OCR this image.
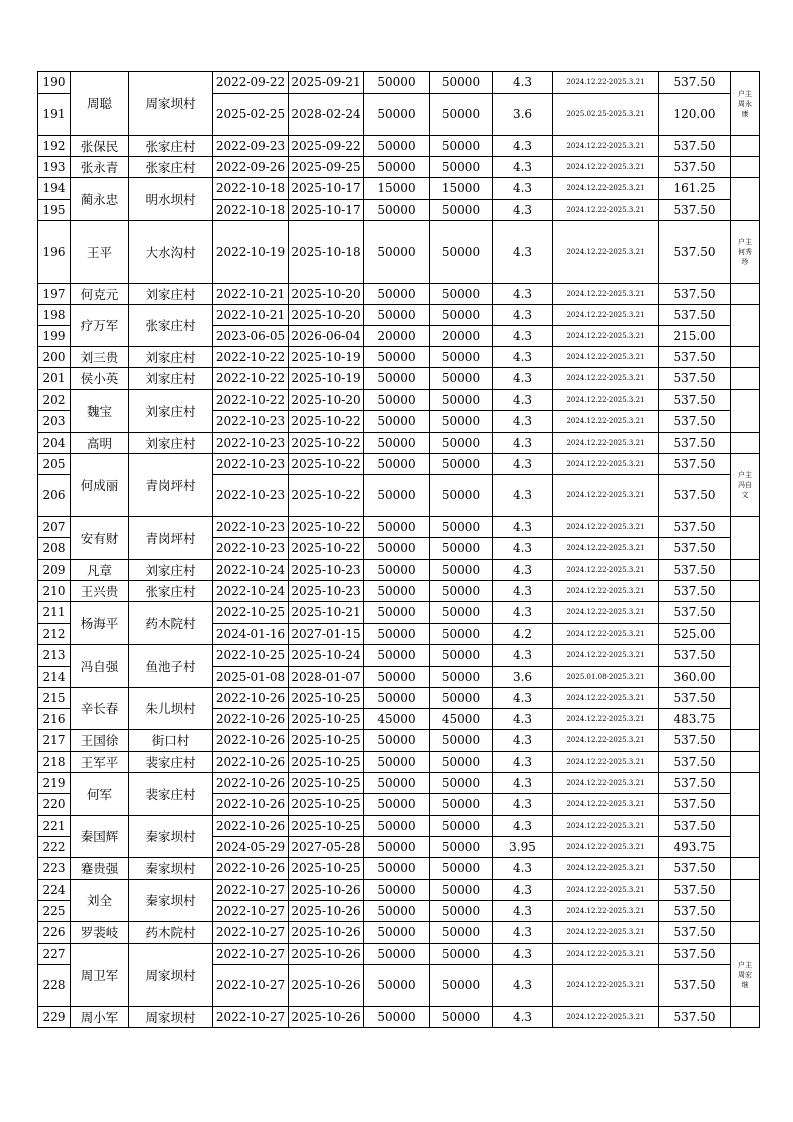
190	周聪	周家坝村	2022-09-22	2025-09-21	50000	50000	4.3	2024.12.22-2025.3.21	537.50	户主
周永
康

191			2025-02-25	2028-02-24	50000	50000	3.6	2025.02.25-2025.3.21	120.00	
192	张保民	张家庄村	2022-09-23	2025-09-22	50000	50000	4.3	2024.12.22-2025.3.21	537.50	
193	张永青	张家庄村	2022-09-26	2025-09-25	50000	50000	4.3	2024.12.22-2025.3.21	537.50	
194	蔺永忠	明水坝村	2022-10-18	2025-10-17	15000	15000	4.3	2024.12.22-2025.3.21	161.25	
195			2022-10-18	2025-10-17	50000	50000	4.3	2024.12.22-2025.3.21	537.50	
196	王平	大水沟村	2022-10-19	2025-10-18	50000	50000	4.3	2024.12.22-2025.3.21	537.50	户主
何秀
珍

197	何克元	刘家庄村	2022-10-21	2025-10-20	50000	50000	4.3	2024.12.22-2025.3.21	537.50	
198	疗万军	张家庄村	2022-10-21	2025-10-20	50000	50000	4.3	2024.12.22-2025.3.21	537.50	
199			2023-06-05	2026-06-04	20000	20000	4.3	2024.12.22-2025.3.21	215.00	
200	刘三贵	刘家庄村	2022-10-22	2025-10-19	50000	50000	4.3	2024.12.22-2025.3.21	537.50	
201	侯小英	刘家庄村	2022-10-22	2025-10-19	50000	50000	4.3	2024.12.22-2025.3.21	537.50	
202	魏宝	刘家庄村	2022-10-22	2025-10-20	50000	50000	4.3	2024.12.22-2025.3.21	537.50	
203			2022-10-23	2025-10-22	50000	50000	4.3	2024.12.22-2025.3.21	537.50	
204	高明	刘家庄村	2022-10-23	2025-10-22	50000	50000	4.3	2024.12.22-2025.3.21	537.50	
205	何成丽	青岗坪村	2022-10-23	2025-10-22	50000	50000	4.3	2024.12.22-2025.3.21	537.50	户主
冯自
文

206			2022-10-23	2025-10-22	50000	50000	4.3	2024.12.22-2025.3.21	537.50	
207	安有财	青岗坪村	2022-10-23	2025-10-22	50000	50000	4.3	2024.12.22-2025.3.21	537.50	
208			2022-10-23	2025-10-22	50000	50000	4.3	2024.12.22-2025.3.21	537.50	
209	凡章	刘家庄村	2022-10-24	2025-10-23	50000	50000	4.3	2024.12.22-2025.3.21	537.50	
210	王兴贵	张家庄村	2022-10-24	2025-10-23	50000	50000	4.3	2024.12.22-2025.3.21	537.50	
211	杨海平	药木院村	2022-10-25	2025-10-21	50000	50000	4.3	2024.12.22-2025.3.21	537.50	
212			2024-01-16	2027-01-15	50000	50000	4.2	2024.12.22-2025.3.21	525.00	
213	冯自强	鱼池子村	2022-10-25	2025-10-24	50000	50000	4.3	2024.12.22-2025.3.21	537.50	
214			2025-01-08	2028-01-07	50000	50000	3.6	2025.01.08-2025.3.21	360.00	
215	辛长春	朱儿坝村	2022-10-26	2025-10-25	50000	50000	4.3	2024.12.22-2025.3.21	537.50	
216			2022-10-26	2025-10-25	45000	45000	4.3	2024.12.22-2025.3.21	483.75	
217	王国徐	街口村	2022-10-26	2025-10-25	50000	50000	4.3	2024.12.22-2025.3.21	537.50	
218	王军平	裴家庄村	2022-10-26	2025-10-25	50000	50000	4.3	2024.12.22-2025.3.21	537.50	
219	何军	裴家庄村	2022-10-26	2025-10-25	50000	50000	4.3	2024.12.22-2025.3.21	537.50	
220			2022-10-26	2025-10-25	50000	50000	4.3	2024.12.22-2025.3.21	537.50	
221	秦国辉	秦家坝村	2022-10-26	2025-10-25	50000	50000	4.3	2024.12.22-2025.3.21	537.50	
222			2024-05-29	2027-05-28	50000	50000	3.95	2024.12.22-2025.3.21	493.75	
223	蹇贵强	秦家坝村	2022-10-26	2025-10-25	50000	50000	4.3	2024.12.22-2025.3.21	537.50	
224	刘全	秦家坝村	2022-10-27	2025-10-26	50000	50000	4.3	2024.12.22-2025.3.21	537.50	
225			2022-10-27	2025-10-26	50000	50000	4.3	2024.12.22-2025.3.21	537.50	
226	罗裴岐	药木院村	2022-10-27	2025-10-26	50000	50000	4.3	2024.12.22-2025.3.21	537.50	
227	周卫军	周家坝村	2022-10-27	2025-10-26	50000	50000	4.3	2024.12.22-2025.3.21	537.50	户主
周宏
继

228			2022-10-27	2025-10-26	50000	50000	4.3	2024.12.22-2025.3.21	537.50	
229	周小军	周家坝村	2022-10-27	2025-10-26	50000	50000	4.3	2024.12.22-2025.3.21	537.50	
